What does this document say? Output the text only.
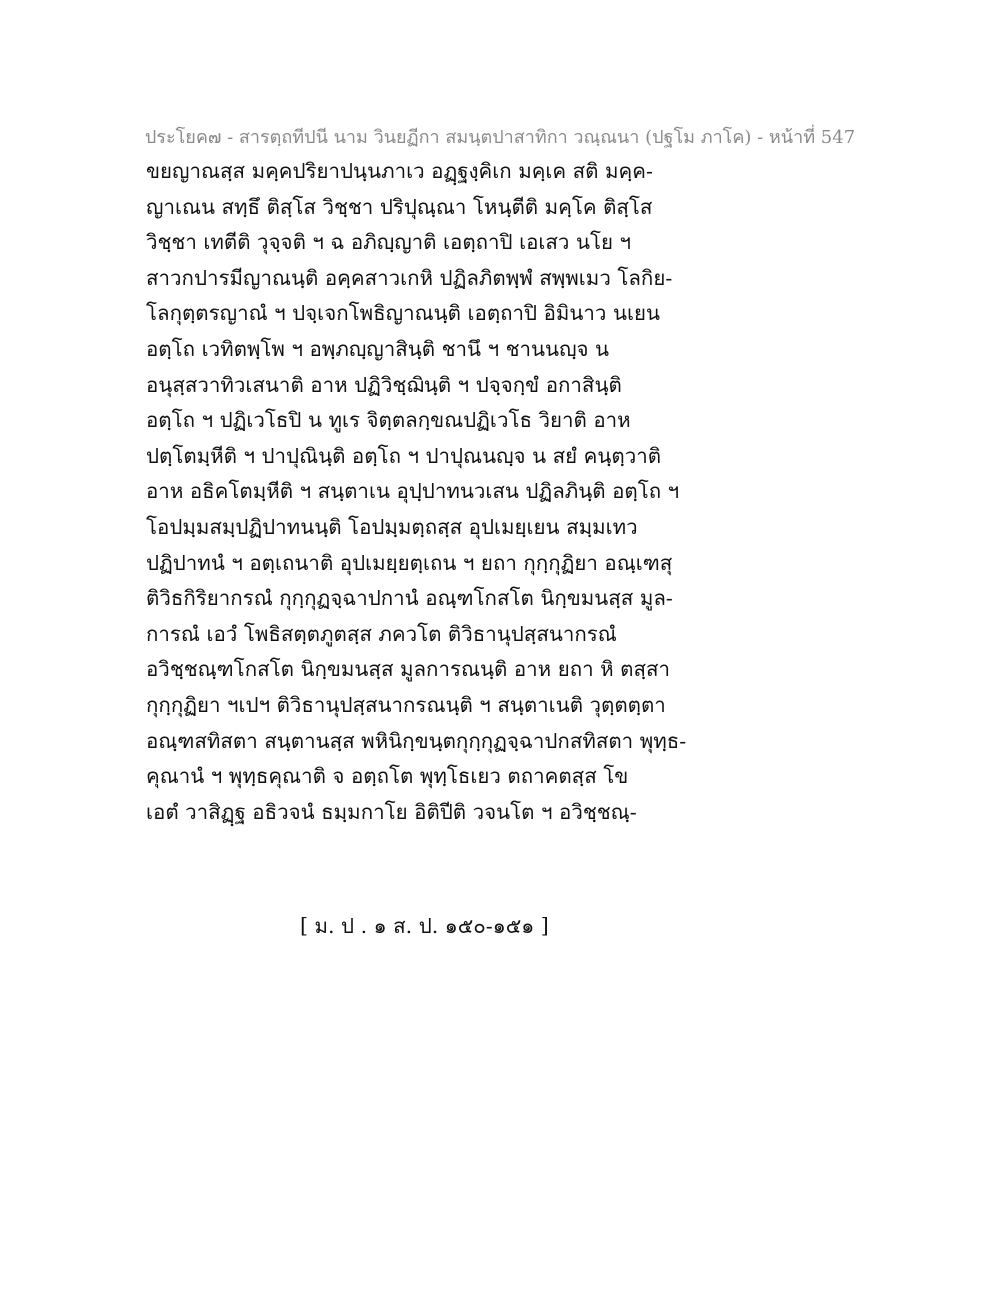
ประโยค๗ - สารตฺถทีปนี นาม วินยฏีกา สมนฺตปาสาทิกา วณฺณนา (ปฐโม ภาโค) - หน้าที่ 547
ขยญาณสฺส มคฺคปริยาปนฺนภาเว อฏฺฐงฺคิเก มคฺเค สติ มคฺค-
ญาเณน สทฺธึ ติสฺโส วิชฺชา ปริปุณฺณา โหนฺตีติ มคฺโค ติสฺโส
วิชฺชา เทตีติ วุจฺจติ ฯ ฉ อภิญฺญาติ เอตฺถาปิ เอเสว นโย ฯ
สาวกปารมีญาณนฺติ อคฺคสาวเกหิ ปฏิลภิตพฺพํ สพฺพเมว โลกิย-
โลกุตฺตรญาณํ ฯ ปจฺเจกโพธิญาณนฺติ เอตฺถาปิ อิมินาว นเยน
อตฺโถ เวทิตพฺโพ ฯ อพฺภญฺญาสินฺติ ชานึ ฯ ชานนญฺจ น
อนุสฺสวาทิวเสนาติ อาห ปฏิวิชฺฌินฺติ ฯ ปจฺจกฺขํ อกาสินฺติ
อตฺโถ ฯ ปฏิเวโธปิ น ทูเร จิตฺตลกฺขณปฏิเวโธ วิยาติ อาห
ปตฺโตมฺหีติ ฯ ปาปุณินฺติ อตฺโถ ฯ ปาปุณนญฺจ น สยํ คนฺตฺวาติ
อาห อธิคโตมฺหีติ ฯ สนฺตาเน อุปฺปาทนวเสน ปฏิลภินฺติ อตฺโถ ฯ
โอปมฺมสมฺปฏิปาทนนฺติ โอปมฺมตฺถสฺส อุปเมยฺเยน สมฺมเทว
ปฏิปาทนํ ฯ อตฺเถนาติ อุปเมยฺยตฺเถน ฯ ยถา กุกฺกุฏิยา อณฺเฑสุ
ติวิธกิริยากรณํ กุกฺกุฏจฺฉาปกานํ อณฺฑโกสโต นิกฺขมนสฺส มูล-
การณํ เอวํ โพธิสตฺตภูตสฺส ภควโต ติวิธานุปสฺสนากรณํ
อวิชฺชณฺฑโกสโต นิกฺขมนสฺส มูลการณนฺติ อาห ยถา หิ ตสฺสา
กุกฺกุฏิยา ฯเปฯ ติวิธานุปสฺสนากรณนฺติ ฯ สนฺตาเนติ วุตฺตตฺตา
อณฺฑสทิสตา สนฺตานสฺส พหินิกฺขนฺตกุกฺกุฏจฺฉาปกสทิสตา พุทฺธ-
คุณานํ ฯ พุทฺธคุณาติ จ อตฺถโต พุทฺโธเยว ตถาคตสฺส โข
เอตํ วาสิฏฺฐ อธิวจนํ ธมฺมกาโย อิติปีติ วจนโต ฯ อวิชฺชณฺ-
[ ม. ป . ๑ ส. ป. ๑๕๐-๑๕๑ ]
